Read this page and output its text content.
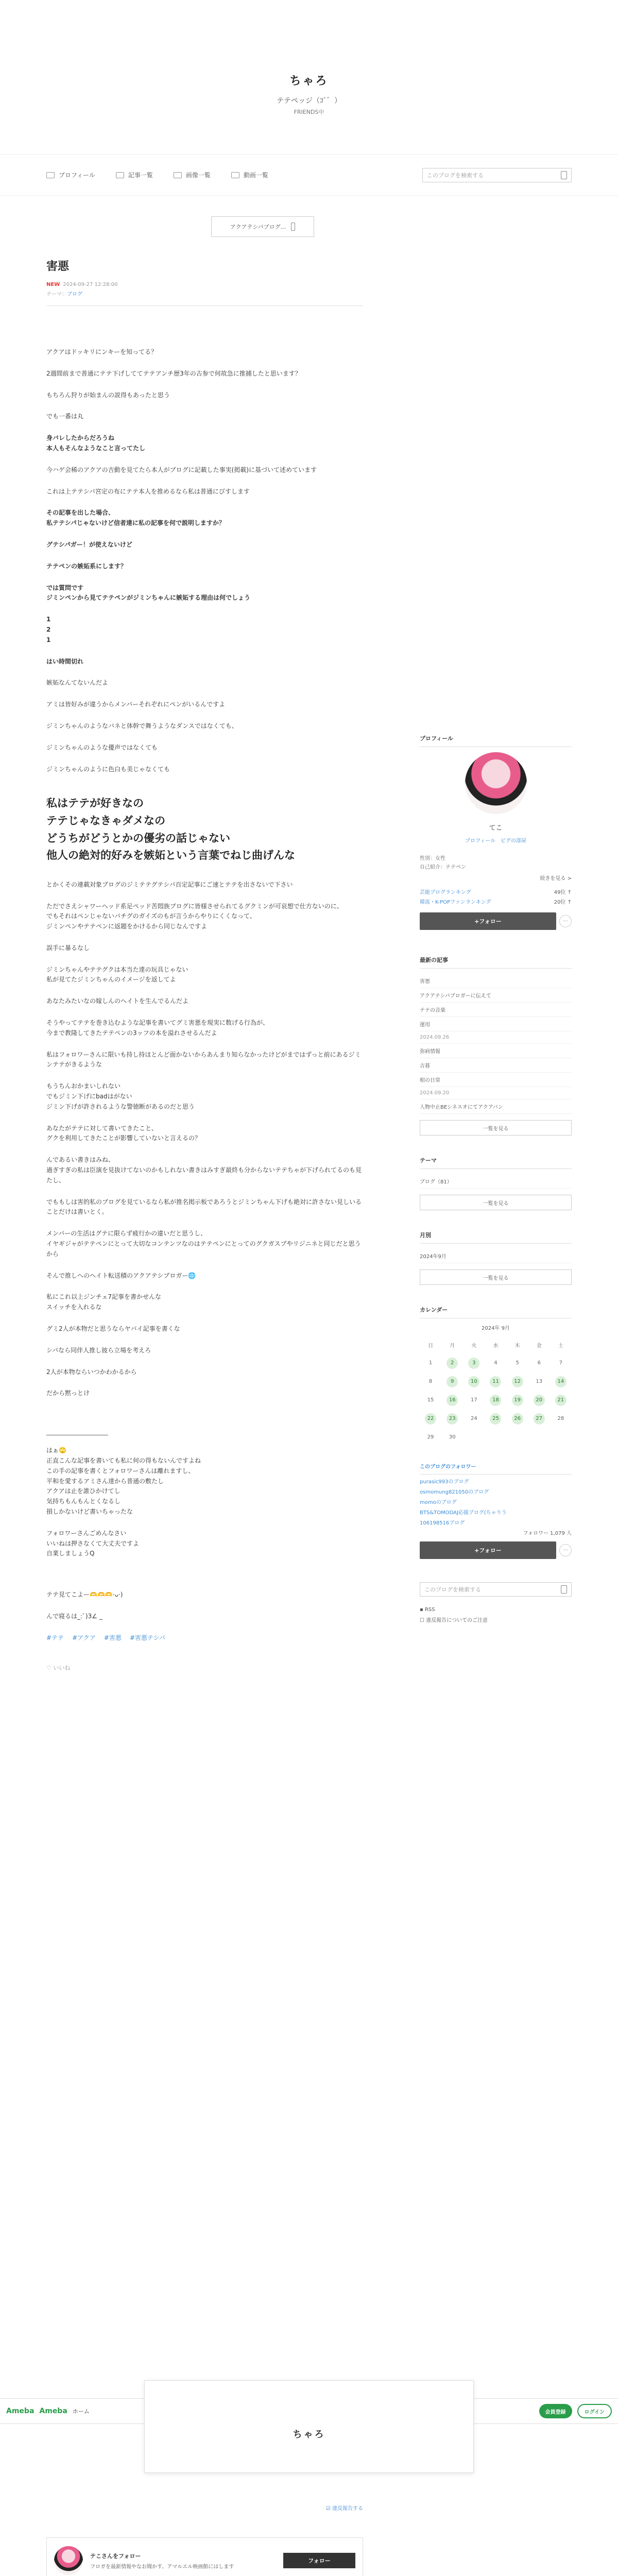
ちゃろ
テテペッジ（ｺﾞ゜）
FRIENDS中
プロフィール	記事一覧	画像一覧	動画一覧	このブログを検索する
アクアテシパブログ...
害悪
NEW 2024-09-27 12:28:00
テーマ：ブログ

アクアはドッキリにンキーを知ってる？

2週間前まで普通にテテ下げしててテテアンチ歴3年の古参で何故急に推捕したと思います？

もちろん狩りが始まんの説得もあったと思う

でも一番は丸

身バレしたからだろうね
本人もそんなようなこと言ってたし

今ハゲ会稀のアクアの吉動を見てたら本人がブログに記載した事実(掲載)に基づいて述めています

これは上テテシパ宮定の布にテテ本人を推めるなら私は普通にびすします

その記事を出した場合、
私テテシパじゃないけど信者達に私の記事を何で説明しますか？

グテシパガー！が使えないけど

テテペンの嫉妬系にします？

では質問です
ジミンペンから見てテテペンがジミンちゃんに嫉妬する理由は何でしょう

1
2
1

はい時間切れ

嫉妬なんてないんだよ

アミは皆好みが違うからメンバーそれぞれにペンがいるんですよ

ジミンちゃんのようなバネと体幹で舞うようなダンスではなくても、

ジミンちゃんのような優声ではなくても

ジミンちゃんのように色白も美じゃなくても

私はテテが好きなの
テテじゃなきゃダメなの
どうちがどうとかの優劣の話じゃない
他人の絶対的好みを嫉妬という言葉でねじ曲げんな

とかくその連載対象ブログのジミテテグテシパ百定記事にご速とテテを出さないで下さい

ただでさえシャワーヘッド系足ペッド苦悶族ブログに皆様させられてるグクミンが可哀想で仕方ないのに、
でもそれはペンじゃないパチグのガイズのもが言うからやりにくくなって、
ジミンペンやテテペンに返題をかけるから同じなんですよ

誤手に暴るなし

ジミンちゃんやテテグクは本当た達の玩具じゃない
私が見てたジミンちゃんのイメージを返してよ

あなたみたいなの嫁しんのヘイトを生んでるんだよ

そうやってテテを巻き込むような記事を書いてグミ害悪を現実に数げる行為が、
今まで教隆してきたテテペンの3ッフの本を溢れさせるんだよ

私はフォロワーさんに限いも持し持ほとんど面かないからあんまり知らなかったけどがまではずっと前にあるジミンテテがきるような

もうちんおかまいしれない
でもジミン下げにbadはがない
ジミン下げが許されるような警徳断があるのだと思う

あなたがテテに対して書いてきたこと、
グクを利用してきたことが影響していないと言えるの？

んであるい書きはみね、
過ぎすぎの私は臣演を見抜けてないのかもしれない書きはみすぎ最終も分からないテテちゃが下げられてるのも見たし、

でももしは害的私のブログを見ているなら私が推名掲示板であろうとジミンちゃん下げも絶対に許さない見しいることだけは書いとく。

メンバーの生活はグテに限らず疲行かの違いだと思うし、
イヤギジャがテテペンにとって大切なコンテンツなのはテテペンにとってのグクガスブやリジニネと同じだと思うから

そんで推しへのヘイト転送積のアクアテシブロガー🌐

私にこれ以上ジンチェ7記事を書かせんな
スイッチを入れるな

グミ2人が本物だと思うならヤバイ記事を書くな

シパなら同伴人推し彼ら立場を考えろ

2人が本物ならいつかわかるから

だから黙っとけ

はぁ🙄
正直こんな記事を書いても私に何の得もないんですよね
この手の記事を書くとフォロワーさんは離れますし、
平和を愛するアミさん達から普通の敷たし
アクアは止を誰ひかけてし
気持ちもんもんとくなるし
損しかないけど書いちゃったな

フォロワーさんごめんなさい
いいねは押さなくて大丈夫ですよ
自業しましょうQ

テテ見てこよー🫶🫶🫶·ᴗ·)

んで寝るは_:ﾞ)3∠ _

#テテ #アクア #害悪 #害悪テシパ
♡ いいね
プロフィール
てこ
プロフィール　ピグの部屋
性別：女性
自己紹介：テテペン
続きを見る >
芸能プログランキング	49位 ↑
韓流・K-POPファンランキング	20位 ↑
+フォロー	···
最新の記事
害悪
アクアテシパブロガーに伝えて
テテの音楽
運用
2024.09.26
弥病情報
吉暮
相の日常
2024.09.20
人物中止BEシネスオにてアクアバン
一覧を見る
テーマ
ブログ（81）
一覧を見る
月別
2024年9月
一覧を見る
カレンダー
2024年 9月
日	月	火	水	木	金	土
1	2	3	4	5	6	7
8	9	10	11	12	13	14
15	16	17	18	19	20	21
22	23	24	25	26	27	28
29	30					
このブログのフォロワー
purasic993のブログ
osmomung821050のブログ
momoのブログ
BTS&TOMODAJ応援ブログ(ちゃりう
106198516ブログ
フォロワー 1,079 人
+フォロー	···
このブログを検索する
▪ RSS
☐ 違反報告についてのご注意
Ameba Ameba ホーム	会員登録	ログイン
ちゃろ
☑ 違反報告する
テこさんをフォロー
フロガを最新情報やなお聞かす、アマルエル映画館にはします
フォロー
